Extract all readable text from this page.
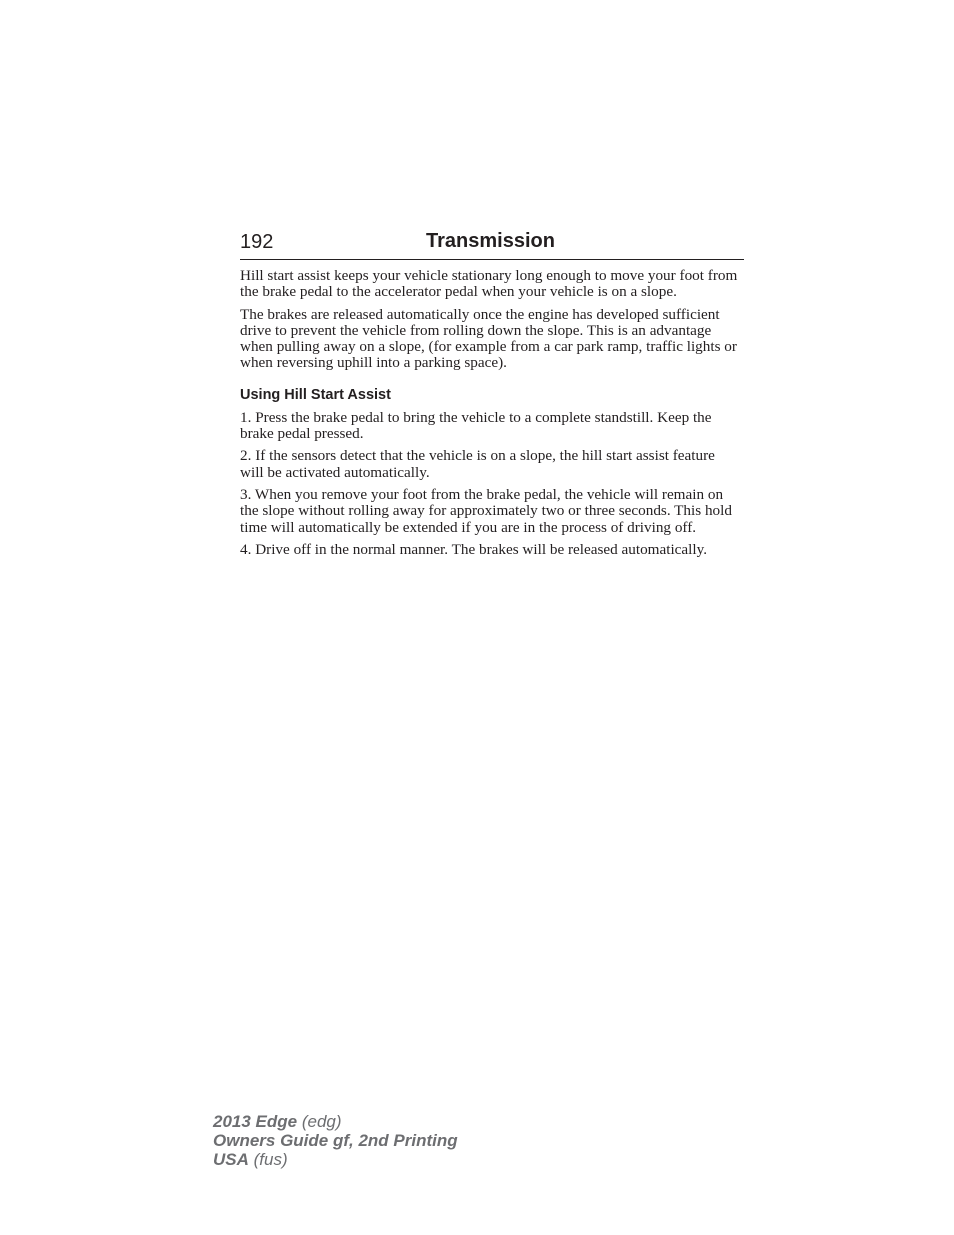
192	Transmission

Hill start assist keeps your vehicle stationary long enough to move your foot from the brake pedal to the accelerator pedal when your vehicle is on a slope.

The brakes are released automatically once the engine has developed sufficient drive to prevent the vehicle from rolling down the slope. This is an advantage when pulling away on a slope, (for example from a car park ramp, traffic lights or when reversing uphill into a parking space).

Using Hill Start Assist

1. Press the brake pedal to bring the vehicle to a complete standstill. Keep the brake pedal pressed.

2. If the sensors detect that the vehicle is on a slope, the hill start assist feature will be activated automatically.

3. When you remove your foot from the brake pedal, the vehicle will remain on the slope without rolling away for approximately two or three seconds. This hold time will automatically be extended if you are in the process of driving off.

4. Drive off in the normal manner. The brakes will be released automatically.

2013 Edge (edg)
Owners Guide gf, 2nd Printing
USA (fus)
